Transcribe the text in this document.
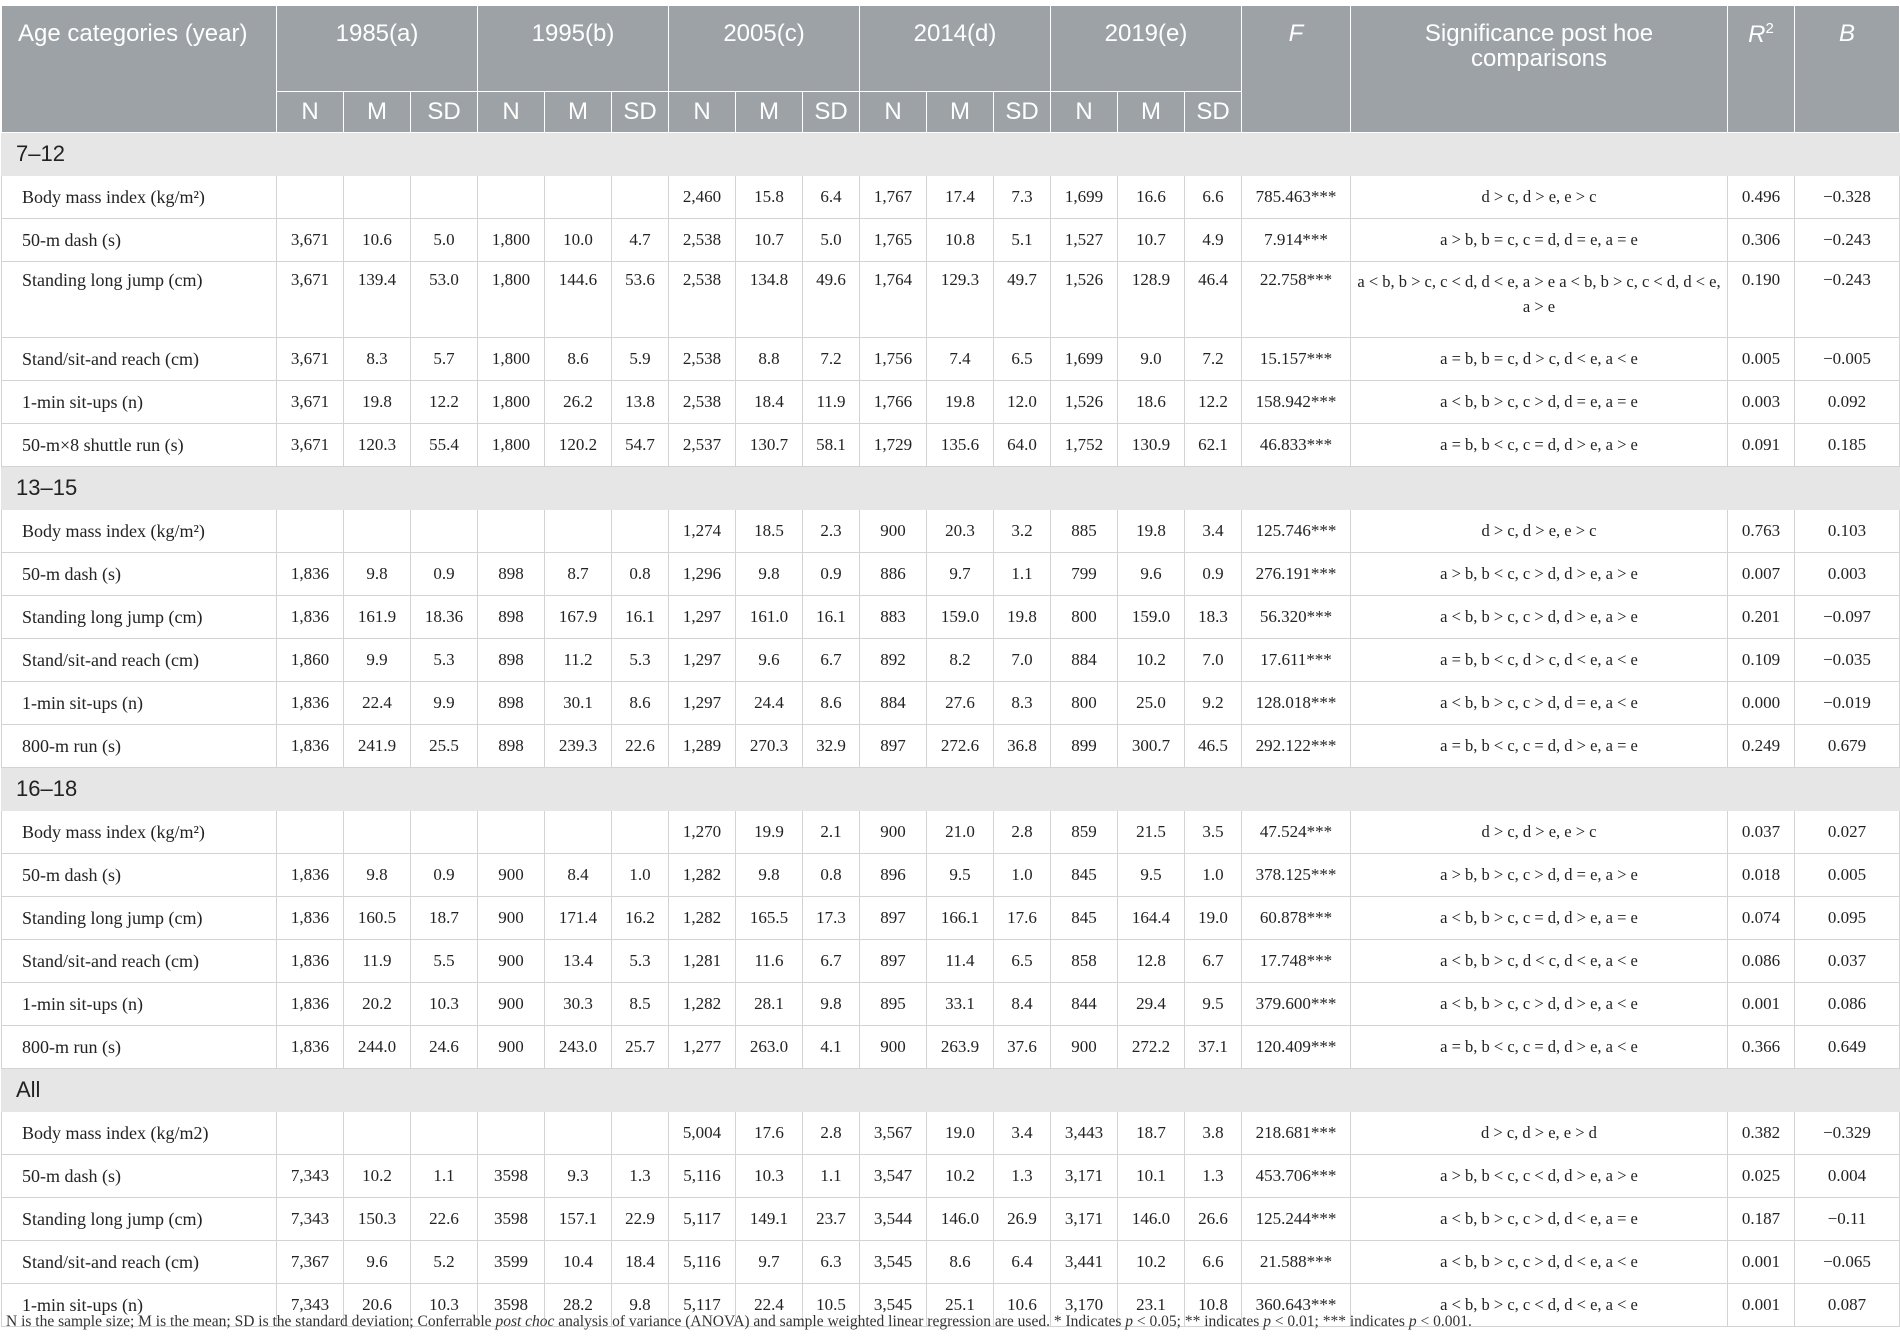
Age categories (year)	1985(a)			1995(b)			2005(c)			2014(d)			2019(e)			F	Significance post hoe comparisons	$R^2$	B
	N	M	SD	N	M	SD	N	M	SD	N	M	SD	N	M	SD				
7–12																			
Body mass index (kg/m²)							2,460	15.8	6.4	1,767	17.4	7.3	1,699	16.6	6.6	785.463***	d > c, d > e, e > c	0.496	−0.328
50-m dash (s)	3,671	10.6	5.0	1,800	10.0	4.7	2,538	10.7	5.0	1,765	10.8	5.1	1,527	10.7	4.9	7.914***	a > b, b = c, c = d, d = e, a = e	0.306	−0.243
Standing long jump (cm)	3,671	139.4	53.0	1,800	144.6	53.6	2,538	134.8	49.6	1,764	129.3	49.7	1,526	128.9	46.4	22.758***	a < b, b > c, c < d, d < e, a > e a < b, b > c, c < d, d < e, a > e	0.190	−0.243
Stand/sit-and reach (cm)	3,671	8.3	5.7	1,800	8.6	5.9	2,538	8.8	7.2	1,756	7.4	6.5	1,699	9.0	7.2	15.157***	a = b, b = c, d > c, d < e, a < e	0.005	−0.005
1-min sit-ups (n)	3,671	19.8	12.2	1,800	26.2	13.8	2,538	18.4	11.9	1,766	19.8	12.0	1,526	18.6	12.2	158.942***	a < b, b > c, c > d, d = e, a = e	0.003	0.092
50-m×8 shuttle run (s)	3,671	120.3	55.4	1,800	120.2	54.7	2,537	130.7	58.1	1,729	135.6	64.0	1,752	130.9	62.1	46.833***	a = b, b < c, c = d, d > e, a > e	0.091	0.185
13–15																			
Body mass index (kg/m²)							1,274	18.5	2.3	900	20.3	3.2	885	19.8	3.4	125.746***	d > c, d > e, e > c	0.763	0.103
50-m dash (s)	1,836	9.8	0.9	898	8.7	0.8	1,296	9.8	0.9	886	9.7	1.1	799	9.6	0.9	276.191***	a > b, b < c, c > d, d > e, a > e	0.007	0.003
Standing long jump (cm)	1,836	161.9	18.36	898	167.9	16.1	1,297	161.0	16.1	883	159.0	19.8	800	159.0	18.3	56.320***	a < b, b > c, c > d, d > e, a > e	0.201	−0.097
Stand/sit-and reach (cm)	1,860	9.9	5.3	898	11.2	5.3	1,297	9.6	6.7	892	8.2	7.0	884	10.2	7.0	17.611***	a = b, b < c, d > c, d < e, a < e	0.109	−0.035
1-min sit-ups (n)	1,836	22.4	9.9	898	30.1	8.6	1,297	24.4	8.6	884	27.6	8.3	800	25.0	9.2	128.018***	a < b, b > c, c > d, d = e, a < e	0.000	−0.019
800-m run (s)	1,836	241.9	25.5	898	239.3	22.6	1,289	270.3	32.9	897	272.6	36.8	899	300.7	46.5	292.122***	a = b, b < c, c = d, d > e, a = e	0.249	0.679
16–18																			
Body mass index (kg/m²)							1,270	19.9	2.1	900	21.0	2.8	859	21.5	3.5	47.524***	d > c, d > e, e > c	0.037	0.027
50-m dash (s)	1,836	9.8	0.9	900	8.4	1.0	1,282	9.8	0.8	896	9.5	1.0	845	9.5	1.0	378.125***	a > b, b > c, c > d, d = e, a > e	0.018	0.005
Standing long jump (cm)	1,836	160.5	18.7	900	171.4	16.2	1,282	165.5	17.3	897	166.1	17.6	845	164.4	19.0	60.878***	a < b, b > c, c = d, d > e, a = e	0.074	0.095
Stand/sit-and reach (cm)	1,836	11.9	5.5	900	13.4	5.3	1,281	11.6	6.7	897	11.4	6.5	858	12.8	6.7	17.748***	a < b, b > c, d < c, d < e, a < e	0.086	0.037
1-min sit-ups (n)	1,836	20.2	10.3	900	30.3	8.5	1,282	28.1	9.8	895	33.1	8.4	844	29.4	9.5	379.600***	a < b, b > c, c > d, d > e, a < e	0.001	0.086
800-m run (s)	1,836	244.0	24.6	900	243.0	25.7	1,277	263.0	4.1	900	263.9	37.6	900	272.2	37.1	120.409***	a = b, b < c, c = d, d > e, a < e	0.366	0.649
All																			
Body mass index (kg/m2)							5,004	17.6	2.8	3,567	19.0	3.4	3,443	18.7	3.8	218.681***	d > c, d > e, e > d	0.382	−0.329
50-m dash (s)	7,343	10.2	1.1	3598	9.3	1.3	5,116	10.3	1.1	3,547	10.2	1.3	3,171	10.1	1.3	453.706***	a > b, b < c, c < d, d > e, a > e	0.025	0.004
Standing long jump (cm)	7,343	150.3	22.6	3598	157.1	22.9	5,117	149.1	23.7	3,544	146.0	26.9	3,171	146.0	26.6	125.244***	a < b, b > c, c > d, d < e, a = e	0.187	−0.11
Stand/sit-and reach (cm)	7,367	9.6	5.2	3599	10.4	18.4	5,116	9.7	6.3	3,545	8.6	6.4	3,441	10.2	6.6	21.588***	a < b, b > c, c > d, d < e, a < e	0.001	−0.065
1-min sit-ups (n)	7,343	20.6	10.3	3598	28.2	9.8	5,117	22.4	10.5	3,545	25.1	10.6	3,170	23.1	10.8	360.643***	a < b, b > c, c < d, d < e, a < e	0.001	0.087
N is the sample size; M is the mean; SD is the standard deviation; Conferrable post choc analysis of variance (ANOVA) and sample weighted linear regression are used. * Indicates p < 0.05; ** indicates p < 0.01; *** indicates p < 0.001.
